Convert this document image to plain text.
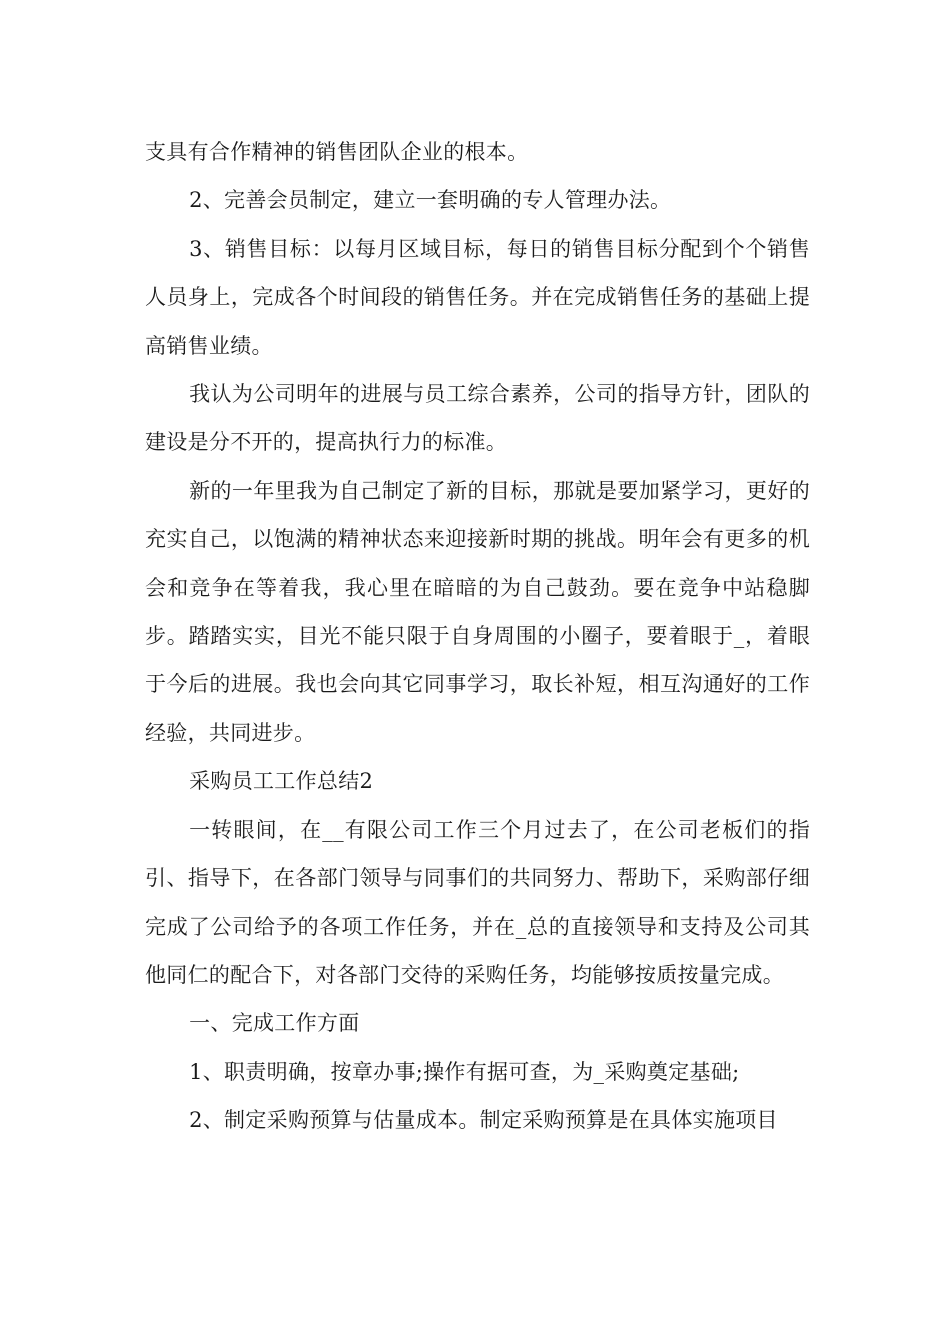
支具有合作精神的销售团队企业的根本。

2、完善会员制定，建立一套明确的专人管理办法。

3、销售目标：以每月区域目标，每日的销售目标分配到个个销售人员身上，完成各个时间段的销售任务。并在完成销售任务的基础上提高销售业绩。

我认为公司明年的进展与员工综合素养，公司的指导方针，团队的建设是分不开的，提高执行力的标准。

新的一年里我为自己制定了新的目标，那就是要加紧学习，更好的充实自己，以饱满的精神状态来迎接新时期的挑战。明年会有更多的机会和竞争在等着我，我心里在暗暗的为自己鼓劲。要在竞争中站稳脚步。踏踏实实，目光不能只限于自身周围的小圈子，要着眼于_，着眼于今后的进展。我也会向其它同事学习，取长补短，相互沟通好的工作经验，共同进步。

采购员工工作总结2

一转眼间，在__有限公司工作三个月过去了，在公司老板们的指引、指导下，在各部门领导与同事们的共同努力、帮助下，采购部仔细完成了公司给予的各项工作任务，并在_总的直接领导和支持及公司其他同仁的配合下，对各部门交待的采购任务，均能够按质按量完成。

一、完成工作方面

1、职责明确，按章办事;操作有据可查，为_采购奠定基础;

2、制定采购预算与估量成本。制定采购预算是在具体实施项目
